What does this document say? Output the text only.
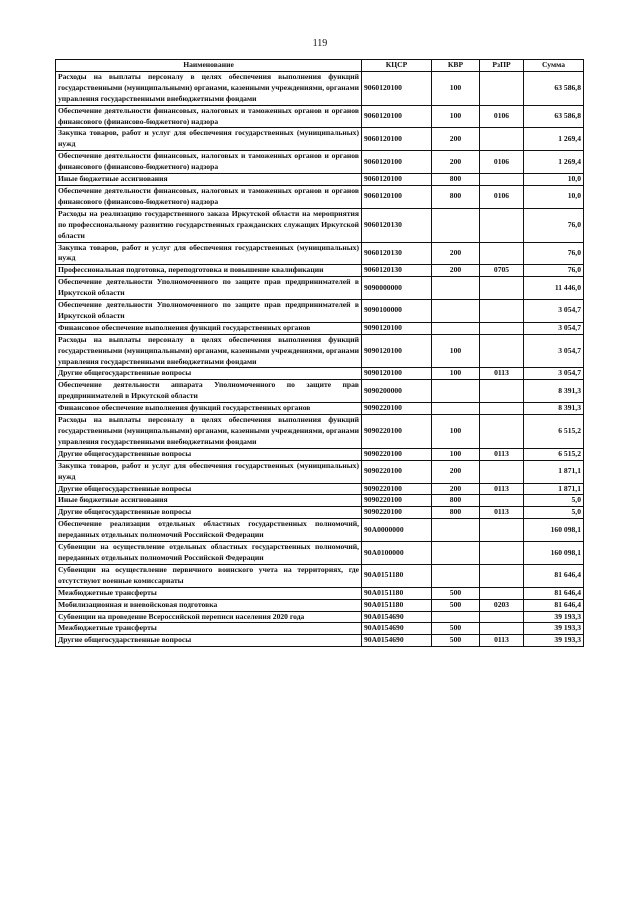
119
Наименование	КЦСР	КВР	РзПР	Сумма
Расходы на выплаты персоналу в целях обеспечения выполнения функций государственными (муниципальными) органами, казенными учреждениями, органами управления государственными внебюджетными фондами	9060120100	100		63 586,8
Обеспечение деятельности финансовых, налоговых и таможенных органов и органов финансового (финансово-бюджетного) надзора	9060120100	100	0106	63 586,8
Закупка товаров, работ и услуг для обеспечения государственных (муниципальных) нужд	9060120100	200		1 269,4
Обеспечение деятельности финансовых, налоговых и таможенных органов и органов финансового (финансово-бюджетного) надзора	9060120100	200	0106	1 269,4
Иные бюджетные ассигнования	9060120100	800		10,0
Обеспечение деятельности финансовых, налоговых и таможенных органов и органов финансового (финансово-бюджетного) надзора	9060120100	800	0106	10,0
Расходы на реализацию государственного заказа Иркутской области на мероприятия по профессиональному развитию государственных гражданских служащих Иркутской области	9060120130			76,0
Закупка товаров, работ и услуг для обеспечения государственных (муниципальных) нужд	9060120130	200		76,0
Профессиональная подготовка, переподготовка и повышение квалификации	9060120130	200	0705	76,0
Обеспечение деятельности Уполномоченного по защите прав предпринимателей в Иркутской области	9090000000			11 446,0
Обеспечение деятельности Уполномоченного по защите прав предпринимателей в Иркутской области	9090100000			3 054,7
Финансовое обеспечение выполнения функций государственных органов	9090120100			3 054,7
Расходы на выплаты персоналу в целях обеспечения выполнения функций государственными (муниципальными) органами, казенными учреждениями, органами управления государственными внебюджетными фондами	9090120100	100		3 054,7
Другие общегосударственные вопросы	9090120100	100	0113	3 054,7
Обеспечение деятельности аппарата Уполномоченного по защите прав предпринимателей в Иркутской области	9090200000			8 391,3
Финансовое обеспечение выполнения функций государственных органов	9090220100			8 391,3
Расходы на выплаты персоналу в целях обеспечения выполнения функций государственными (муниципальными) органами, казенными учреждениями, органами управления государственными внебюджетными фондами	9090220100	100		6 515,2
Другие общегосударственные вопросы	9090220100	100	0113	6 515,2
Закупка товаров, работ и услуг для обеспечения государственных (муниципальных) нужд	9090220100	200		1 871,1
Другие общегосударственные вопросы	9090220100	200	0113	1 871,1
Иные бюджетные ассигнования	9090220100	800		5,0
Другие общегосударственные вопросы	9090220100	800	0113	5,0
Обеспечение реализации отдельных областных государственных полномочий, переданных отдельных полномочий Российской Федерации	90А0000000			160 098,1
Субвенции на осуществление отдельных областных государственных полномочий, переданных отдельных полномочий Российской Федерации	90А0100000			160 098,1
Субвенции на осуществление первичного воинского учета на территориях, где отсутствуют военные комиссариаты	90А0151180			81 646,4
Межбюджетные трансферты	90А0151180	500		81 646,4
Мобилизационная и вневойсковая подготовка	90А0151180	500	0203	81 646,4
Субвенции на проведение Всероссийской переписи населения 2020 года	90А0154690			39 193,3
Межбюджетные трансферты	90А0154690	500		39 193,3
Другие общегосударственные вопросы	90А0154690	500	0113	39 193,3
